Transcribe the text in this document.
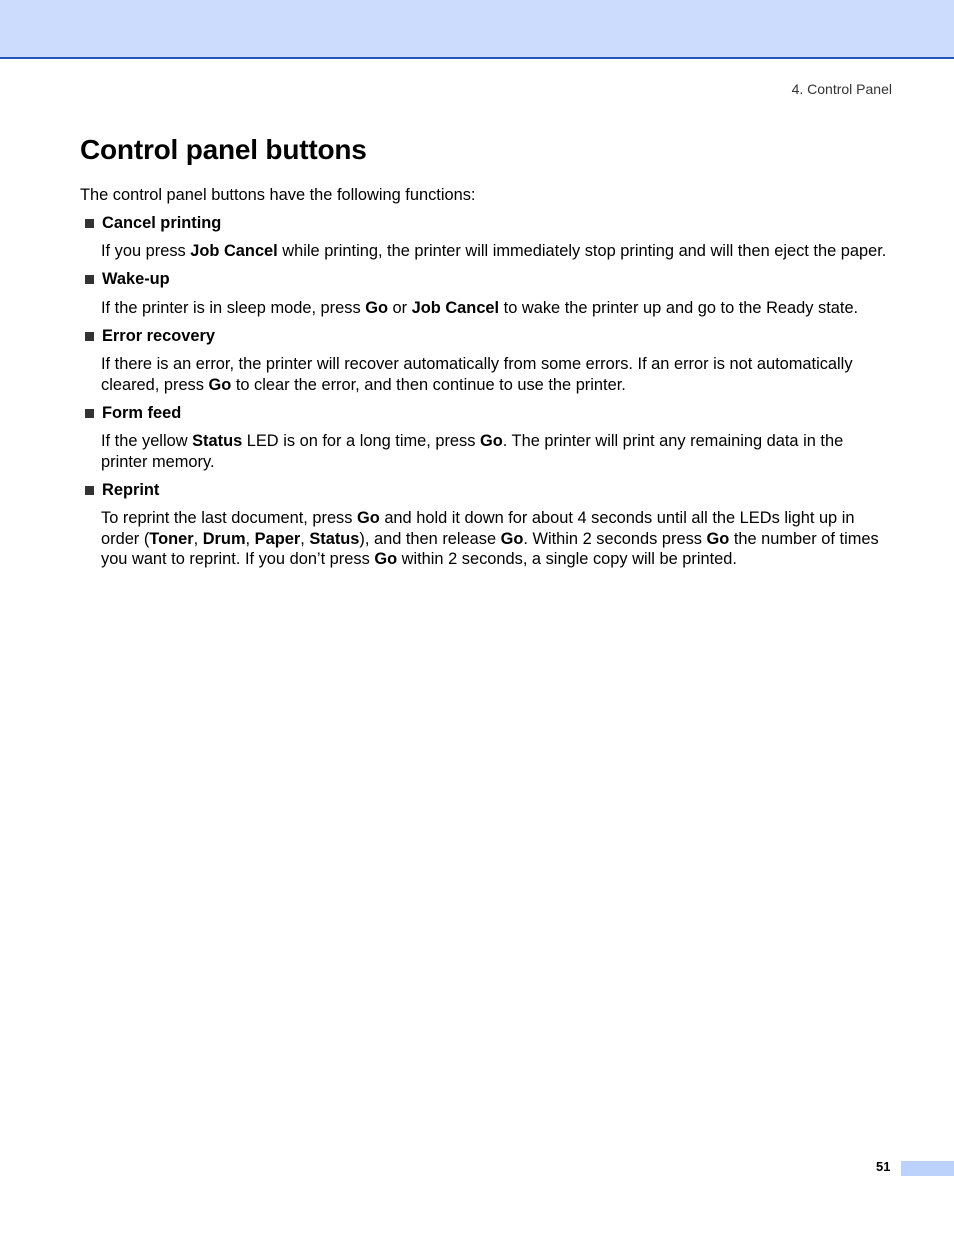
4. Control Panel
Control panel buttons

The control panel buttons have the following functions:

Cancel printing

If you press Job Cancel while printing, the printer will immediately stop printing and will then eject the paper.

Wake-up

If the printer is in sleep mode, press Go or Job Cancel to wake the printer up and go to the Ready state.

Error recovery

If there is an error, the printer will recover automatically from some errors. If an error is not automatically cleared, press Go to clear the error, and then continue to use the printer.

Form feed

If the yellow Status LED is on for a long time, press Go. The printer will print any remaining data in the printer memory.

Reprint

To reprint the last document, press Go and hold it down for about 4 seconds until all the LEDs light up in order (Toner, Drum, Paper, Status), and then release Go. Within 2 seconds press Go the number of times you want to reprint. If you don’t press Go within 2 seconds, a single copy will be printed.

51
